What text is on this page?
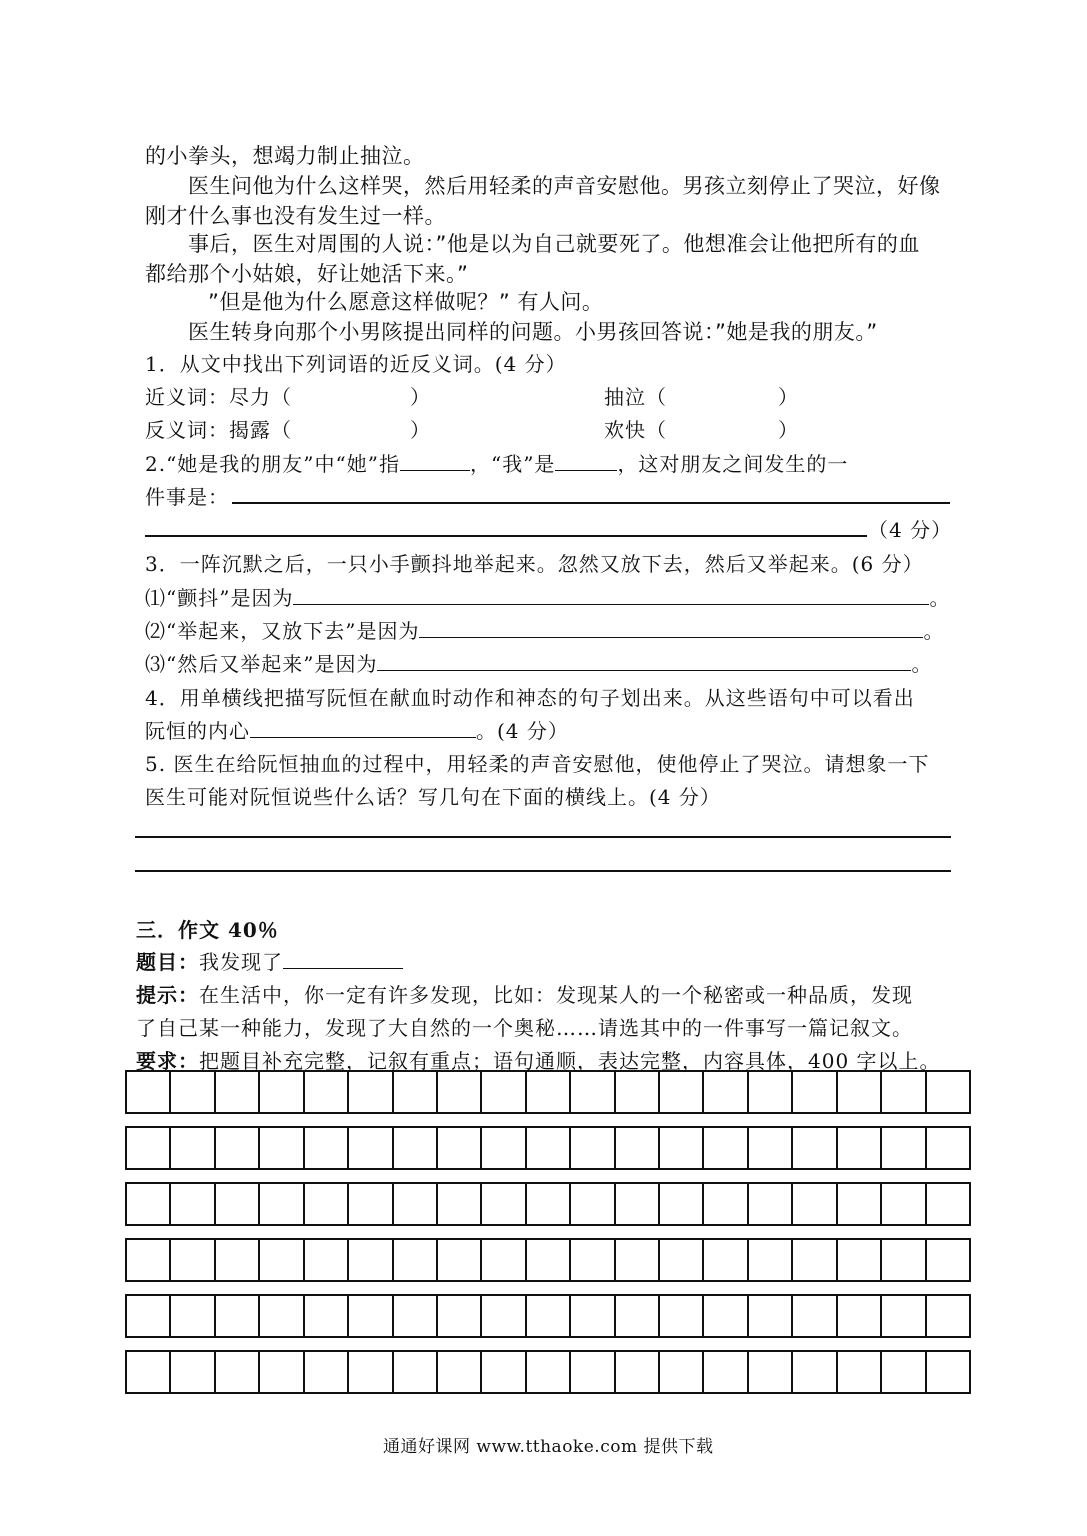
的小拳头，想竭力制止抽泣。
医生问他为什么这样哭，然后用轻柔的声音安慰他。男孩立刻停止了哭泣，好像
刚才什么事也没有发生过一样。
事后，医生对周围的人说：”他是以为自己就要死了。他想准会让他把所有的血
都给那个小姑娘，好让她活下来。”
”但是他为什么愿意这样做呢？” 有人问。
医生转身向那个小男陔提出同样的问题。小男孩回答说：”她是我的朋友。”
1．从文中找出下列词语的近反义词。(4 分）
近义词：尽力（	）	抽泣（	）
反义词：揭露（	）	欢快（	）
2.“她是我的朋友”中“她”指	，“我”是	，这对朋友之间发生的一
件事是：
（4 分）
3．一阵沉默之后，一只小手颤抖地举起来。忽然又放下去，然后又举起来。(6 分）
⑴“颤抖”是因为	。
⑵“举起来，又放下去”是因为	。
⑶“然后又举起来”是因为	。
4．用单横线把描写阮恒在献血时动作和神态的句子划出来。从这些语句中可以看出
阮恒的内心	。(4 分）
5. 医生在给阮恒抽血的过程中，用轻柔的声音安慰他，使他停止了哭泣。请想象一下
医生可能对阮恒说些什么话？写几句在下面的横线上。(4 分）
三．作文 40％
题目：我发现了
提示：在生活中，你一定有许多发现，比如：发现某人的一个秘密或一种品质，发现
了自己某一种能力，发现了大自然的一个奥秘……请选其中的一件事写一篇记叙文。
要求：把题目补充完整，记叙有重点；语句通顺，表达完整，内容具体，400 字以上。
通通好课网 www.tthaoke.com 提供下载
